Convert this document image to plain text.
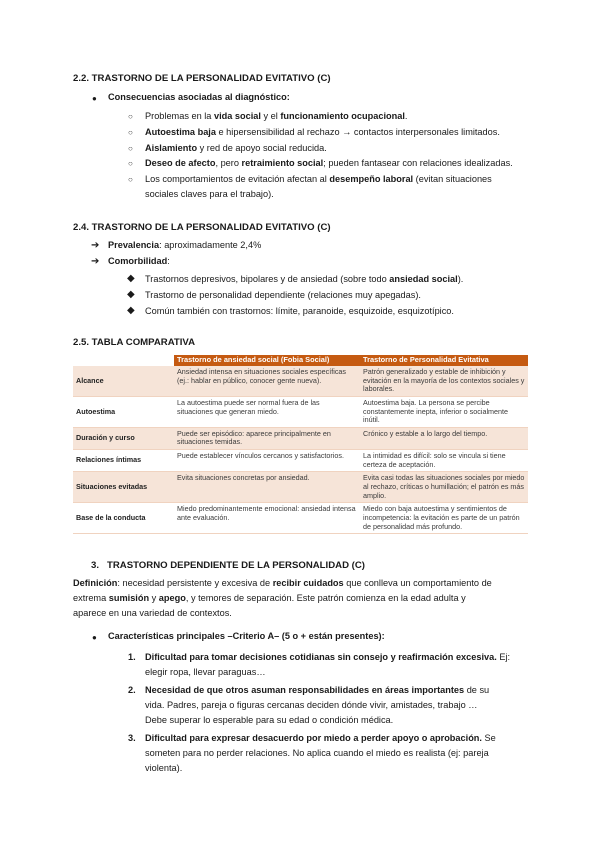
2.2. TRASTORNO DE LA PERSONALIDAD EVITATIVO (C)
● Consecuencias asociadas al diagnóstico:
○ Problemas en la vida social y el funcionamiento ocupacional.
○ Autoestima baja e hipersensibilidad al rechazo → contactos interpersonales limitados.
○ Aislamiento y red de apoyo social reducida.
○ Deseo de afecto, pero retraimiento social; pueden fantasear con relaciones idealizadas.
○ Los comportamientos de evitación afectan al desempeño laboral (evitan situaciones
sociales claves para el trabajo).
2.4. TRASTORNO DE LA PERSONALIDAD EVITATIVO (C)
➔ Prevalencia: aproximadamente 2,4%
➔ Comorbilidad:
◆ Trastornos depresivos, bipolares y de ansiedad (sobre todo ansiedad social).
◆ Trastorno de personalidad dependiente (relaciones muy apegadas).
◆ Común también con trastornos: límite, paranoide, esquizoide, esquizotípico.
2.5. TABLA COMPARATIVA
	Trastorno de ansiedad social (Fobia Social)	Trastorno de Personalidad Evitativa
Alcance	Ansiedad intensa en situaciones sociales específicas (ej.: hablar en público, conocer gente nueva).	Patrón generalizado y estable de inhibición y evitación en la mayoría de los contextos sociales y laborales.
Autoestima	La autoestima puede ser normal fuera de las situaciones que generan miedo.	Autoestima baja. La persona se percibe constantemente inepta, inferior o socialmente inútil.
Duración y curso	Puede ser episódico: aparece principalmente en situaciones temidas.	Crónico y estable a lo largo del tiempo.
Relaciones íntimas	Puede establecer vínculos cercanos y satisfactorios.	La intimidad es difícil: solo se vincula si tiene certeza de aceptación.
Situaciones evitadas	Evita situaciones concretas por ansiedad.	Evita casi todas las situaciones sociales por miedo al rechazo, críticas o humillación; el patrón es más amplio.
Base de la conducta	Miedo predominantemente emocional: ansiedad intensa ante evaluación.	Miedo con baja autoestima y sentimientos de incompetencia: la evitación es parte de un patrón de personalidad más profundo.
3.   TRASTORNO DEPENDIENTE DE LA PERSONALIDAD (C)
Definición: necesidad persistente y excesiva de recibir cuidados que conlleva un comportamiento de
extrema sumisión y apego, y temores de separación. Este patrón comienza en la edad adulta y
aparece en una variedad de contextos.
● Características principales –Criterio A– (5 o + están presentes):
1. Dificultad para tomar decisiones cotidianas sin consejo y reafirmación excesiva. Ej:
elegir ropa, llevar paraguas…
2. Necesidad de que otros asuman responsabilidades en áreas importantes de su
vida. Padres, pareja o figuras cercanas deciden dónde vivir, amistades, trabajo …
Debe superar lo esperable para su edad o condición médica.
3. Dificultad para expresar desacuerdo por miedo a perder apoyo o aprobación. Se
someten para no perder relaciones. No aplica cuando el miedo es realista (ej: pareja
violenta).
